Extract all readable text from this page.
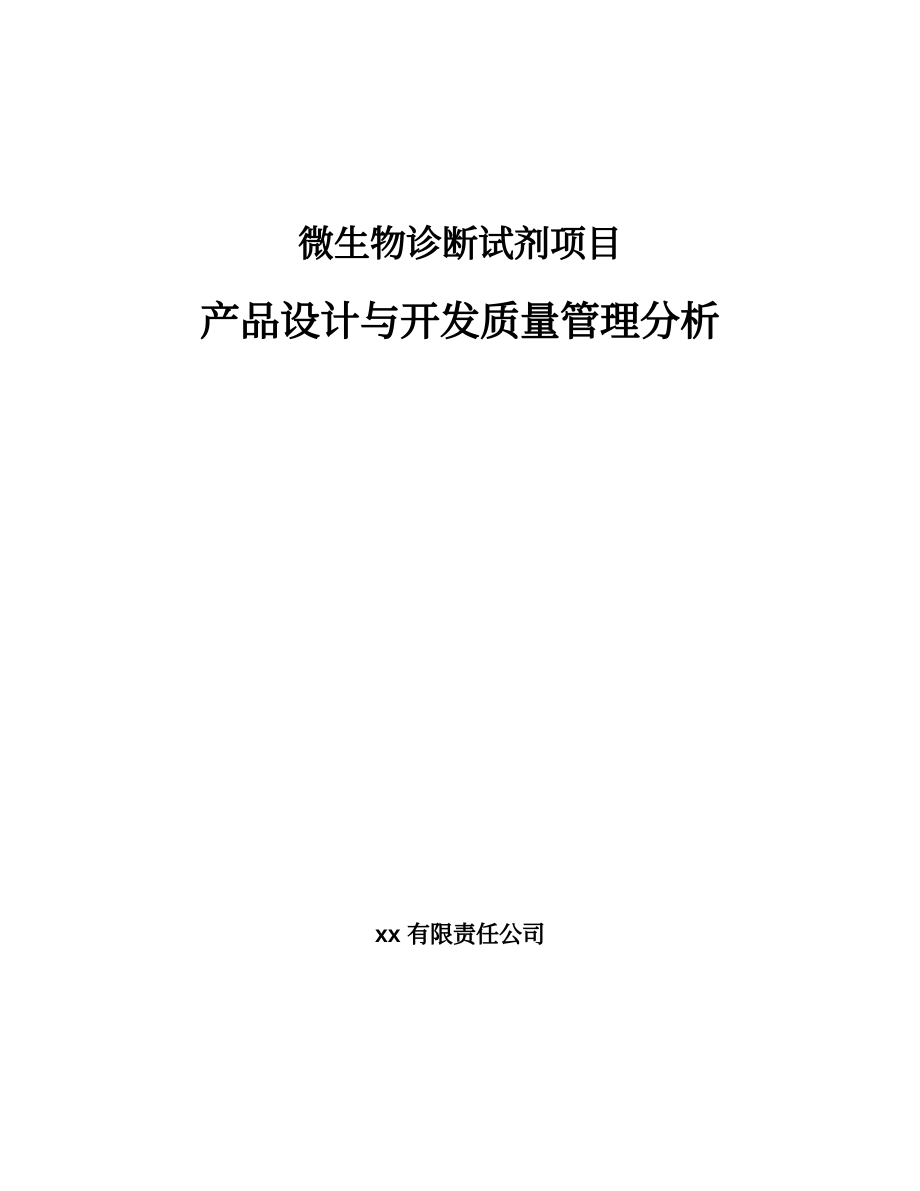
微生物诊断试剂项目
产品设计与开发质量管理分析
xx 有限责任公司
